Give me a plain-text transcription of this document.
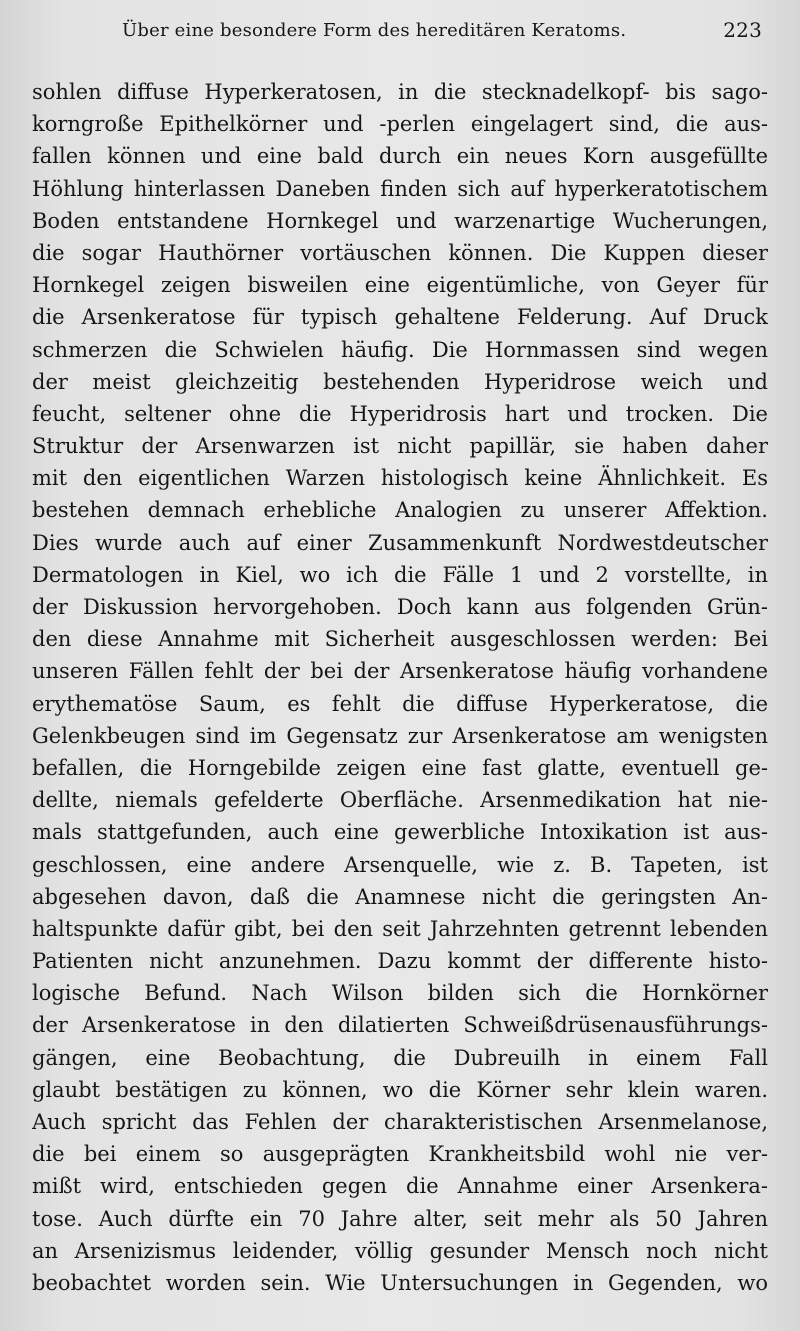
Über eine besondere Form des hereditären Keratoms.	223
sohlen diffuse Hyperkeratosen, in die stecknadelkopf- bis sago-
korngroße Epithelkörner und -perlen eingelagert sind, die aus-
fallen können und eine bald durch ein neues Korn ausgefüllte
Höhlung hinterlassen Daneben finden sich auf hyperkeratotischem
Boden entstandene Hornkegel und warzenartige Wucherungen,
die sogar Hauthörner vortäuschen können. Die Kuppen dieser
Hornkegel zeigen bisweilen eine eigentümliche, von Geyer für
die Arsenkeratose für typisch gehaltene Felderung. Auf Druck
schmerzen die Schwielen häufig. Die Hornmassen sind wegen
der meist gleichzeitig bestehenden Hyperidrose weich und
feucht, seltener ohne die Hyperidrosis hart und trocken. Die
Struktur der Arsenwarzen ist nicht papillär, sie haben daher
mit den eigentlichen Warzen histologisch keine Ähnlichkeit. Es
bestehen demnach erhebliche Analogien zu unserer Affektion.
Dies wurde auch auf einer Zusammenkunft Nordwestdeutscher
Dermatologen in Kiel, wo ich die Fälle 1 und 2 vorstellte, in
der Diskussion hervorgehoben. Doch kann aus folgenden Grün-
den diese Annahme mit Sicherheit ausgeschlossen werden: Bei
unseren Fällen fehlt der bei der Arsenkeratose häufig vorhandene
erythematöse Saum, es fehlt die diffuse Hyperkeratose, die
Gelenkbeugen sind im Gegensatz zur Arsenkeratose am wenigsten
befallen, die Horngebilde zeigen eine fast glatte, eventuell ge-
dellte, niemals gefelderte Oberfläche. Arsenmedikation hat nie-
mals stattgefunden, auch eine gewerbliche Intoxikation ist aus-
geschlossen, eine andere Arsenquelle, wie z. B. Tapeten, ist
abgesehen davon, daß die Anamnese nicht die geringsten An-
haltspunkte dafür gibt, bei den seit Jahrzehnten getrennt lebenden
Patienten nicht anzunehmen. Dazu kommt der differente histo-
logische Befund. Nach Wilson bilden sich die Hornkörner
der Arsenkeratose in den dilatierten Schweißdrüsenausführungs-
gängen, eine Beobachtung, die Dubreuilh in einem Fall
glaubt bestätigen zu können, wo die Körner sehr klein waren.
Auch spricht das Fehlen der charakteristischen Arsenmelanose,
die bei einem so ausgeprägten Krankheitsbild wohl nie ver-
mißt wird, entschieden gegen die Annahme einer Arsenkera-
tose. Auch dürfte ein 70 Jahre alter, seit mehr als 50 Jahren
an Arsenizismus leidender, völlig gesunder Mensch noch nicht
beobachtet worden sein. Wie Untersuchungen in Gegenden, wo
